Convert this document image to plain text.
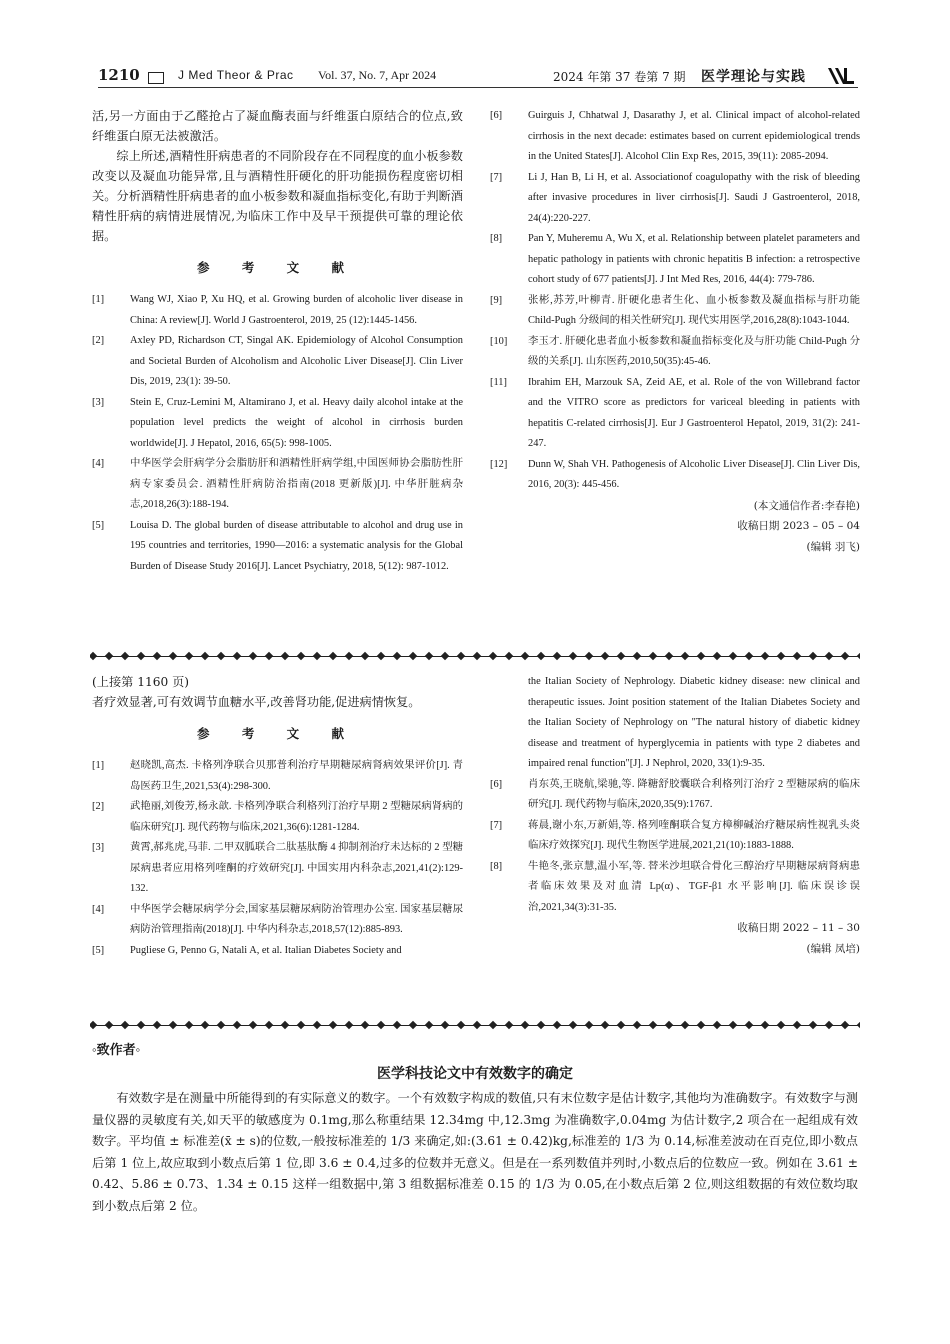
1210	J Med Theor & Prac Vol. 37, No. 7, Apr 2024	2024 年第 37 卷第 7 期 医学理论与实践

活,另一方面由于乙醛抢占了凝血酶表面与纤维蛋白原结合的位点,致纤维蛋白原无法被激活。

综上所述,酒精性肝病患者的不同阶段存在不同程度的血小板参数改变以及凝血功能异常,且与酒精性肝硬化的肝功能损伤程度密切相关。分析酒精性肝病患者的血小板参数和凝血指标变化,有助于判断酒精性肝病的病情进展情况,为临床工作中及早干预提供可靠的理论依据。

参 考 文 献
[1] Wang WJ, Xiao P, Xu HQ, et al. Growing burden of alcoholic liver disease in China: A review[J]. World J Gastroenterol, 2019, 25 (12):1445-1456.
[2] Axley PD, Richardson CT, Singal AK. Epidemiology of Alcohol Consumption and Societal Burden of Alcoholism and Alcoholic Liver Disease[J]. Clin Liver Dis, 2019, 23(1): 39-50.
[3] Stein E, Cruz-Lemini M, Altamirano J, et al. Heavy daily alcohol intake at the population level predicts the weight of alcohol in cirrhosis burden worldwide[J]. J Hepatol, 2016, 65(5): 998-1005.
[4] 中华医学会肝病学分会脂肪肝和酒精性肝病学组,中国医师协会脂肪性肝病专家委员会. 酒精性肝病防治指南(2018 更新版)[J]. 中华肝脏病杂志,2018,26(3):188-194.
[5] Louisa D. The global burden of disease attributable to alcohol and drug use in 195 countries and territories, 1990—2016: a systematic analysis for the Global Burden of Disease Study 2016[J]. Lancet Psychiatry, 2018, 5(12): 987-1012.
[6] Guirguis J, Chhatwal J, Dasarathy J, et al. Clinical impact of alcohol-related cirrhosis in the next decade: estimates based on current epidemiological trends in the United States[J]. Alcohol Clin Exp Res, 2015, 39(11): 2085-2094.
[7] Li J, Han B, Li H, et al. Associationof coagulopathy with the risk of bleeding after invasive procedures in liver cirrhosis[J]. Saudi J Gastroenterol, 2018, 24(4):220-227.
[8] Pan Y, Muheremu A, Wu X, et al. Relationship between platelet parameters and hepatic pathology in patients with chronic hepatitis B infection: a retrospective cohort study of 677 patients[J]. J Int Med Res, 2016, 44(4): 779-786.
[9] 张彬,苏芳,叶柳青. 肝硬化患者生化、血小板参数及凝血指标与肝功能 Child-Pugh 分级间的相关性研究[J]. 现代实用医学,2016,28(8):1043-1044.
[10] 李玉才. 肝硬化患者血小板参数和凝血指标变化及与肝功能 Child-Pugh 分级的关系[J]. 山东医药,2010,50(35):45-46.
[11] Ibrahim EH, Marzouk SA, Zeid AE, et al. Role of the von Willebrand factor and the VITRO score as predictors for variceal bleeding in patients with hepatitis C-related cirrhosis[J]. Eur J Gastroenterol Hepatol, 2019, 31(2): 241-247.
[12] Dunn W, Shah VH. Pathogenesis of Alcoholic Liver Disease[J]. Clin Liver Dis, 2016, 20(3): 445-456.
(本文通信作者:李春艳)
收稿日期 2023 – 05 – 04
(编辑 羽飞)

(上接第 1160 页)

者疗效显著,可有效调节血糖水平,改善肾功能,促进病情恢复。

参 考 文 献
[1] 赵晓凯,高杰. 卡格列净联合贝那普利治疗早期糖尿病肾病效果评价[J]. 青岛医药卫生,2021,53(4):298-300.
[2] 武艳丽,刘俊芳,杨永歆. 卡格列净联合利格列汀治疗早期 2 型糖尿病肾病的临床研究[J]. 现代药物与临床,2021,36(6):1281-1284.
[3] 黄霄,郝兆虎,马菲. 二甲双胍联合二肽基肽酶 4 抑制剂治疗未达标的 2 型糖尿病患者应用格列喹酮的疗效研究[J]. 中国实用内科杂志,2021,41(2):129-132.
[4] 中华医学会糖尿病学分会,国家基层糖尿病防治管理办公室. 国家基层糖尿病防治管理指南(2018)[J]. 中华内科杂志,2018,57(12):885-893.
[5] Pugliese G, Penno G, Natali A, et al. Italian Diabetes Society and
the Italian Society of Nephrology. Diabetic kidney disease: new clinical and therapeutic issues. Joint position statement of the Italian Diabetes Society and the Italian Society of Nephrology on "The natural history of diabetic kidney disease and treatment of hyperglycemia in patients with type 2 diabetes and impaired renal function"[J]. J Nephrol, 2020, 33(1):9-35.
[6] 肖东英,王晓航,梁驰,等. 降糖舒胶囊联合利格列汀治疗 2 型糖尿病的临床研究[J]. 现代药物与临床,2020,35(9):1767.
[7] 蒋晨,谢小东,万新娟,等. 格列喹酮联合复方樟柳碱治疗糖尿病性视乳头炎临床疗效探究[J]. 现代生物医学进展,2021,21(10):1883-1888.
[8] 牛艳冬,张京慧,温小军,等. 替米沙坦联合骨化三醇治疗早期糖尿病肾病患者临床效果及对血清 Lp(α)、TGF-β1 水平影响[J]. 临床误诊误治,2021,34(3):31-35.
收稿日期 2022 – 11 – 30
(编辑 凤培)
◦致作者◦
医学科技论文中有效数字的确定

有效数字是在测量中所能得到的有实际意义的数字。一个有效数字构成的数值,只有末位数字是估计数字,其他均为准确数字。有效数字与测量仪器的灵敏度有关,如天平的敏感度为 0.1mg,那么称重结果 12.34mg 中,12.3mg 为准确数字,0.04mg 为估计数字,2 项合在一起组成有效数字。平均值 ± 标准差(x̄ ± s)的位数,一般按标准差的 1/3 来确定,如:(3.61 ± 0.42)kg,标准差的 1/3 为 0.14,标准差波动在百克位,即小数点后第 1 位上,故应取到小数点后第 1 位,即 3.6 ± 0.4,过多的位数并无意义。但是在一系列数值并列时,小数点后的位数应一致。例如在 3.61 ± 0.42、5.86 ± 0.73、1.34 ± 0.15 这样一组数据中,第 3 组数据标准差 0.15 的 1/3 为 0.05,在小数点后第 2 位,则这组数据的有效位数均取到小数点后第 2 位。
